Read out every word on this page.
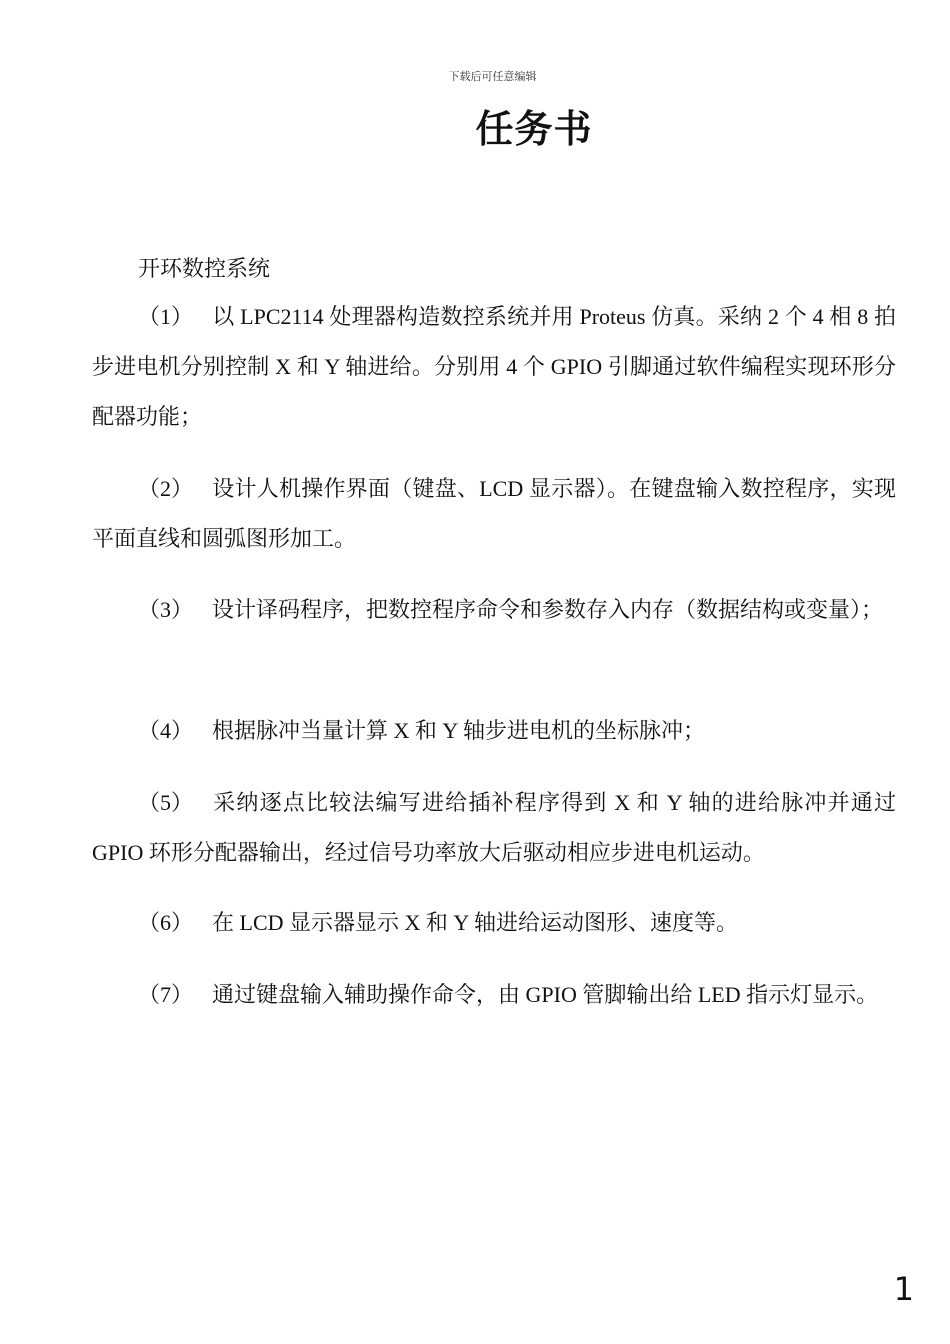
下载后可任意编辑
任务书
开环数控系统
（1） 以 LPC2114 处理器构造数控系统并用 Proteus 仿真。采纳 2 个 4 相 8 拍步进电机分别控制 X 和 Y 轴进给。分别用 4 个 GPIO 引脚通过软件编程实现环形分配器功能；
（2） 设计人机操作界面（键盘、LCD 显示器）。在键盘输入数控程序，实现平面直线和圆弧图形加工。
（3） 设计译码程序，把数控程序命令和参数存入内存（数据结构或变量）；
（4） 根据脉冲当量计算 X 和 Y 轴步进电机的坐标脉冲；
（5） 采纳逐点比较法编写进给插补程序得到 X 和 Y 轴的进给脉冲并通过 GPIO 环形分配器输出，经过信号功率放大后驱动相应步进电机运动。
（6） 在 LCD 显示器显示 X 和 Y 轴进给运动图形、速度等。
（7） 通过键盘输入辅助操作命令，由 GPIO 管脚输出给 LED 指示灯显示。
1
